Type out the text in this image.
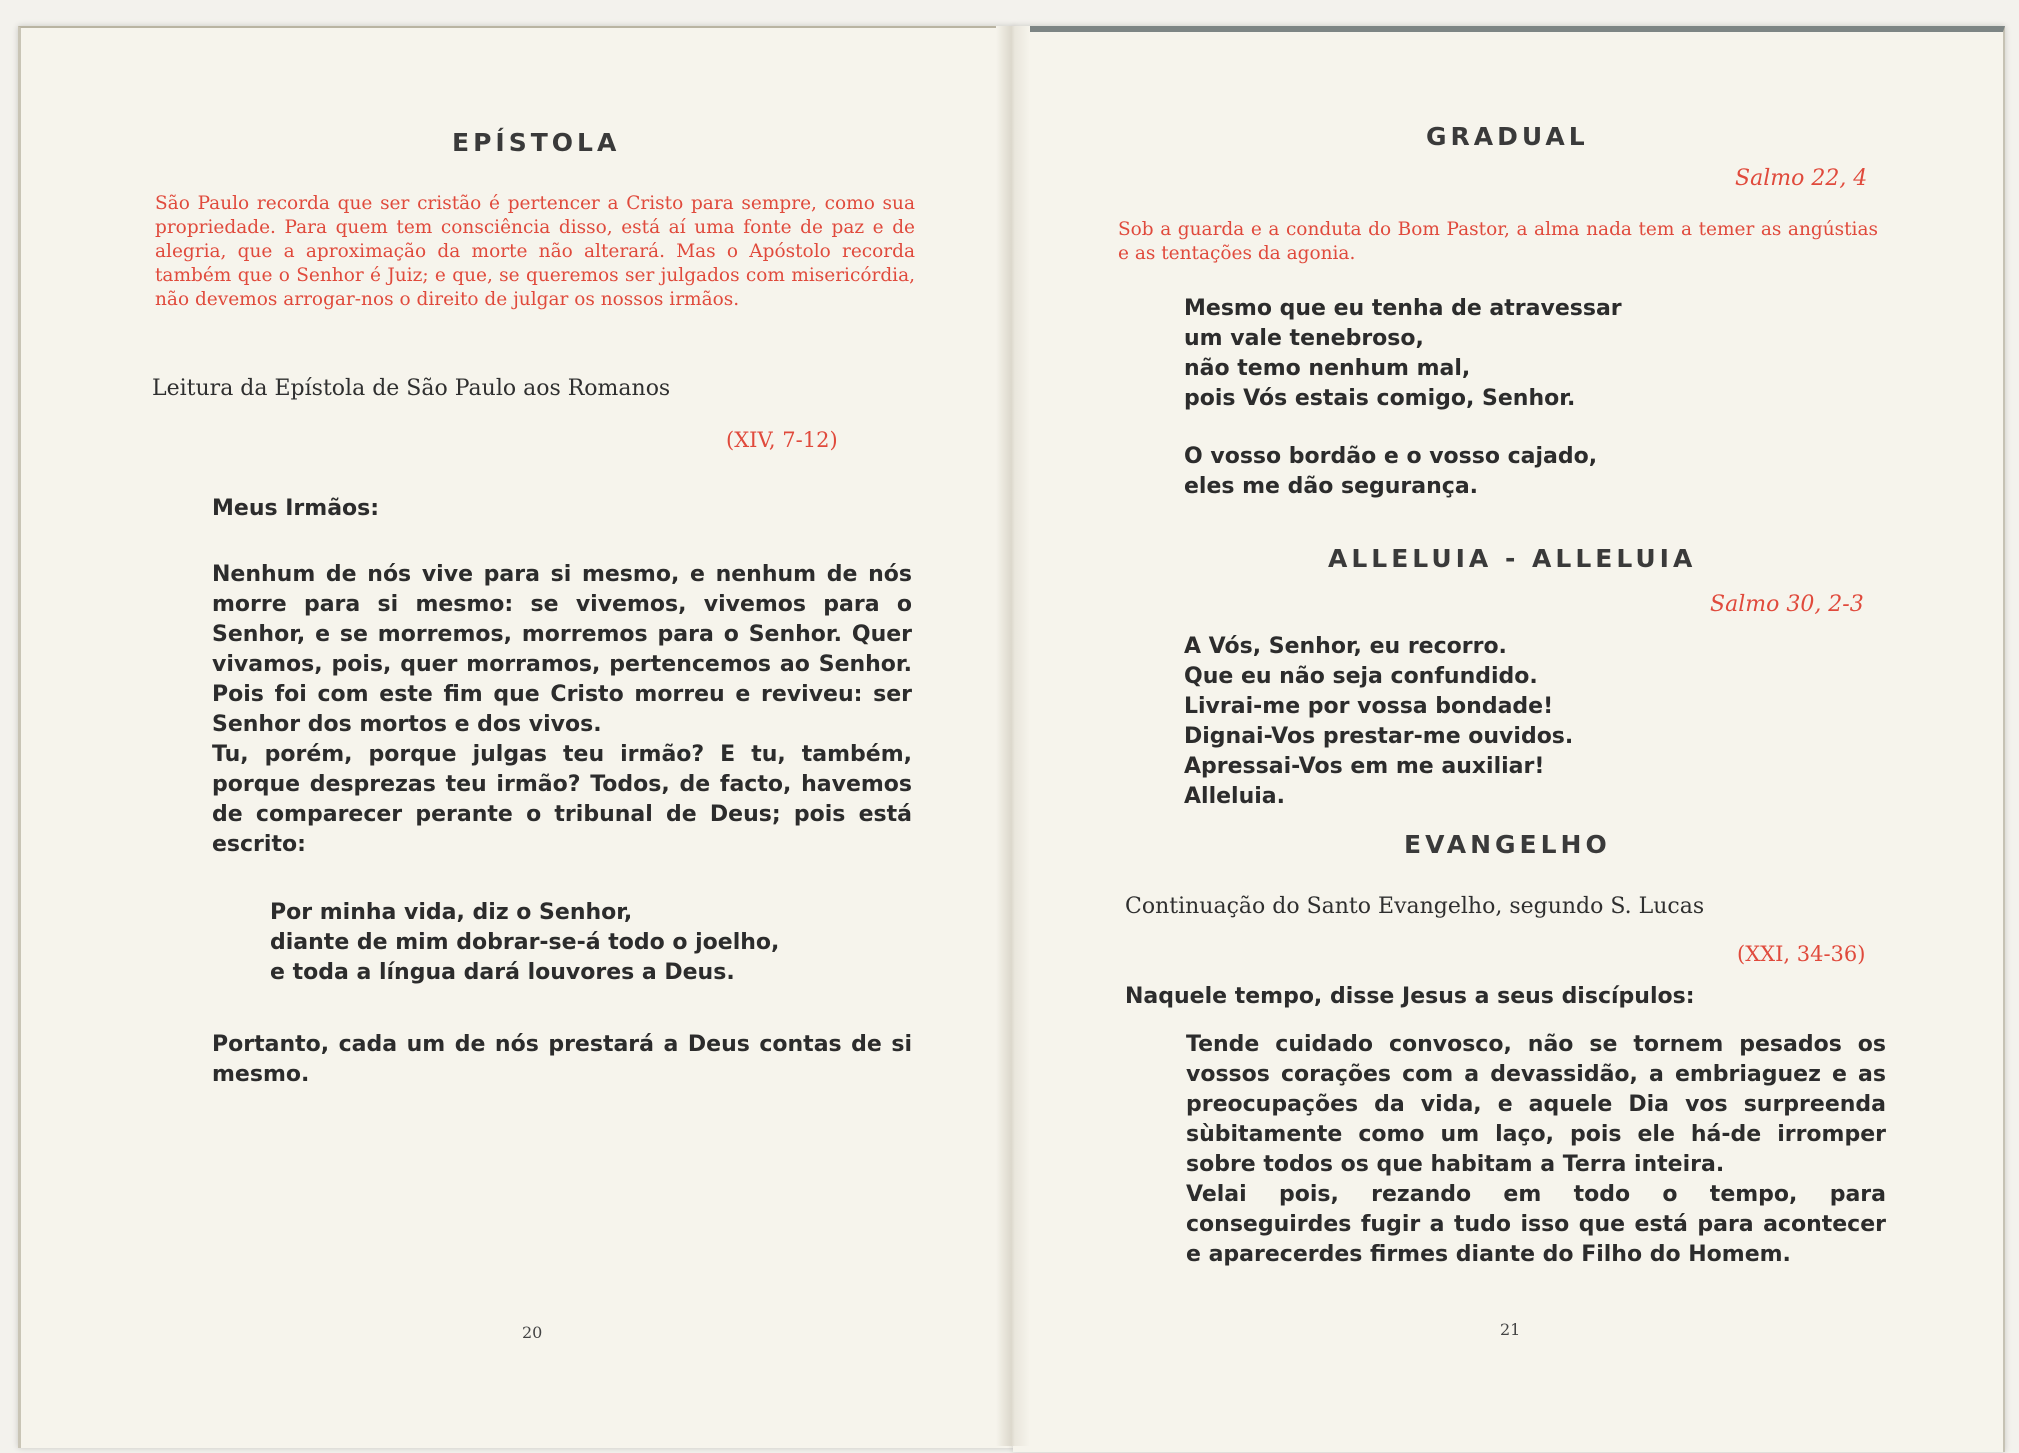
EPÍSTOLA

São Paulo recorda que ser cristão é pertencer a Cristo para sempre, como sua propriedade. Para quem tem consciência disso, está aí uma fonte de paz e de alegria, que a aproximação da morte não alterará. Mas o Apóstolo recorda também que o Senhor é Juiz; e que, se queremos ser julgados com misericórdia, não devemos arrogar-nos o direito de julgar os nossos irmãos.

Leitura da Epístola de São Paulo aos Romanos

(XIV, 7-12)

Meus Irmãos:

Nenhum de nós vive para si mesmo, e nenhum de nós morre para si mesmo: se vivemos, vivemos para o Senhor, e se morremos, morremos para o Senhor. Quer vivamos, pois, quer morramos, pertencemos ao Senhor. Pois foi com este fim que Cristo morreu e reviveu: ser Senhor dos mortos e dos vivos.

Tu, porém, porque julgas teu irmão? E tu, também, porque desprezas teu irmão? Todos, de facto, havemos de comparecer perante o tribunal de Deus; pois está escrito:

Por minha vida, diz o Senhor,
diante de mim dobrar-se-á todo o joelho,
e toda a língua dará louvores a Deus.

Portanto, cada um de nós prestará a Deus contas de si mesmo.

20

GRADUAL

Salmo 22, 4

Sob a guarda e a conduta do Bom Pastor, a alma nada tem a temer as angústias e as tentações da agonia.

Mesmo que eu tenha de atravessar
um vale tenebroso,
não temo nenhum mal,
pois Vós estais comigo, Senhor.
O vosso bordão e o vosso cajado,
eles me dão segurança.
ALLELUIA - ALLELUIA

Salmo 30, 2-3

A Vós, Senhor, eu recorro.
Que eu não seja confundido.
Livrai-me por vossa bondade!
Dignai-Vos prestar-me ouvidos.
Apressai-Vos em me auxiliar!
Alleluia.
EVANGELHO

Continuação do Santo Evangelho, segundo S. Lucas

(XXI, 34-36)

Naquele tempo, disse Jesus a seus discípulos:

Tende cuidado convosco, não se tornem pesados os vossos corações com a devassidão, a embriaguez e as preocupações da vida, e aquele Dia vos surpreenda sùbitamente como um laço, pois ele há-de irromper sobre todos os que habitam a Terra inteira.

Velai pois, rezando em todo o tempo, para conseguirdes fugir a tudo isso que está para acontecer e aparecerdes firmes diante do Filho do Homem.

21
